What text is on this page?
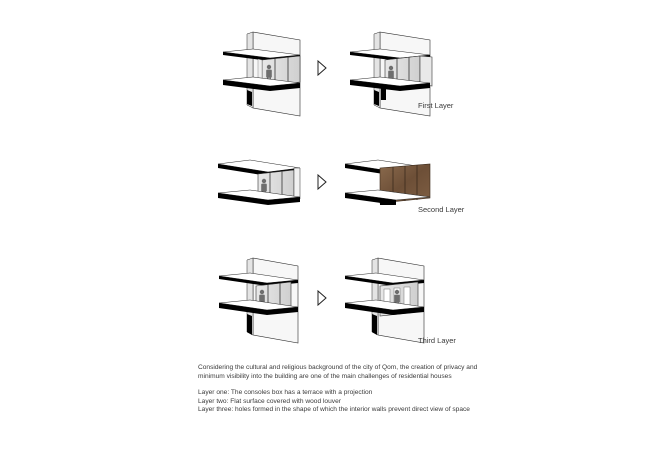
First Layer
Second Layer
Third Layer

Considering the cultural and religious background of the city of Qom, the creation of privacy and minimum visibility into the building are one of the main challenges of residential houses

Layer one: The consoles box has a terrace with a projection

Layer two: Flat surface covered with wood louver

Layer three: holes formed in the shape of which the interior walls prevent direct view of space
